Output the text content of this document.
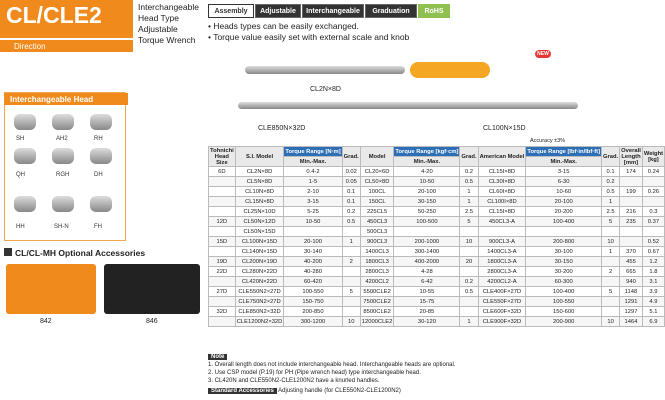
CL/CLE2	Interchangeable
Head Type
Adjustable
Torque Wrench
Direction
Assembly Adjustable Interchangeable Graduation RoHS
• Heads types can be easily exchanged.
• Torque value easily set with external scale and knob
NEW
CL2N×8D
CLE850N×32D	CL100N×15D
Interchangeable Head
SH	AH2	RH
QH	RGH	DH
HH	SH-N	FH
CL/CL-MH Optional Accessories
842	846
Accuracy ±3%
Tohnichi Head Size	S.I. Model	Torque Range [N·m]	Grad.	Model	Torque Range [kgf·cm]	Grad.	American Model	Torque Range [lbf·in/lbf·ft]	Grad.	Overall Length [mm]	Weight [kg]
		Min.-Max.			Min.-Max.			Min.-Max.			
6D	CL2N×8D	0.4-2	0.02	CL20×6D	4-20	0.2	CL15I×8D	3-15	0.1	174	0.24
	CL5N×8D	1-5	0.05	CL50×8D	10-50	0.5	CL30I×8D	6-30	0.2		
	CL10N×8D	2-10	0.1	100CL	20-100	1	CL60I×8D	10-60	0.5	199	0.26
	CL15N×8D	3-15	0.1	150CL	30-150	1	CL100I×8D	20-100	1		
	CL25N×10D	5-25	0.2	225CL5	50-250	2.5	CL15I×8D	20-200	2.5	216	0.3
12D	CL50N×12D	10-50	0.5	450CL3	100-500	5	450CL3-A	100-400	5	235	0.37
	CL50N×15D			500CL3							
15D	CL100N×15D	20-100	1	900CL3	200-1000	10	900CL3-A	200-800	10		0.52
	CL140N×15D	30-140		1400CL3	300-1400		1400CL3-A	30-100	1	370	0.67
19D	CL200N×19D	40-200	2	1800CL3	400-2000	20	1800CL3-A	30-150		455	1.2
22D	CL280N×22D	40-280		2800CL3	4-28		2800CL3-A	30-200	2	665	1.8
	CL420N×22D	60-420		4200CL2	6-42	0.2	4200CL2-A	60-300		940	3.1
27D	CLE550N2×27D	100-550	5	5500CLE2	10-55	0.5	CLE400F×27D	100-400	5	1148	3.9
	CLE750N2×27D	150-750		7500CLE2	15-75		CLE550F×27D	100-550		1291	4.9
32D	CLE850N2×32D	200-850		8500CLE2	20-85		CLE600F×32D	150-600		1297	5.1
	CLE1200N2×32D	300-1200	10	12000CLE2	30-120	1	CLE900F×32D	200-900	10	1464	6.9
Note
1. Overall length does not include interchangeable head. Interchangeable heads are optional.
2. Use CSP model (P.19) for PH (Pipe wrench head) type interchangeable head.
3. CL420N and CLE550N2-CLE1200N2 have a knurled handles.
Standard Accessories Adjusting handle (for CLE550N2-CLE1200N2)
